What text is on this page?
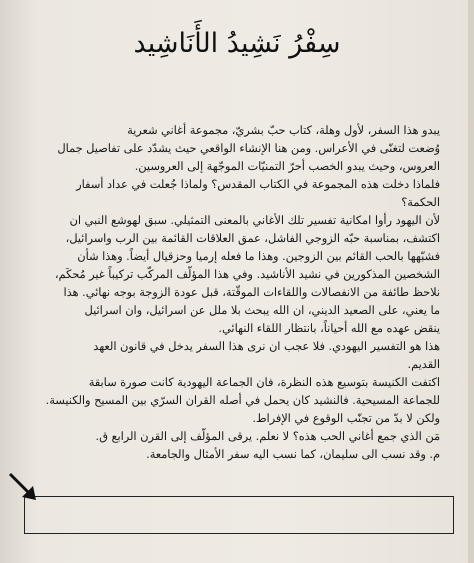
سِفْرُ نَشِيدُ الأَنَاشِيد

يبدو هذا السفر، لأول وهلة، كتاب حبّ بشريّ، مجموعة أغاني شعرية
وُضعت لتغنّى في الأعراس. ومن هنا الإنشاء الواقعي حيث يشدّد على تفاصيل جمال
العروس، وحيث يبدو الخصب أحرّ التمنيّات الموجّهة إلى العروسين.

فلماذا دخلت هذه المجموعة في الكتاب المقدس؟ ولماذا جُعلت في عداد أسفار
الحكمة؟

لأن اليهود رأوا امكانية تفسير تلك الأغاني بالمعنى التمثيلي. سبق لهوشع النبي ان
اكتشف، بمناسبة حبّه الزوجي الفاشل، عمق العلاقات القائمة بين الرب واسرائيل،
فشبّهها بالحب القائم بين الزوجين. وهذا ما فعله إرميا وحزقيال أيضاً. وهذا شأن
الشخصين المذكورين في نشيد الأناشيد. وفي هذا المؤلّف المركّب تركيباً غير مُحكَم،
نلاحظ طائفة من الانفصالات واللقاءات الموقّتة، قبل عودة الزوجة بوجه نهائي. هذا
ما يعني، على الصعيد الديني، ان الله يبحث بلا ملل عن اسرائيل، وان اسرائيل
ينقض عهده مع الله أحياناً، بانتظار اللقاء النهائي.

هذا هو التفسير اليهودي. فلا عجب ان نرى هذا السفر يدخل في قانون العهد
القديم.

اكتفت الكنيسة بتوسيع هذه النظرة، فان الجماعة اليهودية كانت صورة سابقة
للجماعة المسيحية. فالنشيد كان يحمل في أصله القران السرّي بين المسيح والكنيسة.
ولكن لا بدّ من تجنّب الوقوع في الإفراط.

مَن الذي جمع أغاني الحب هذه؟ لا نعلم. يرقى المؤلّف إلى القرن الرابع ق.
م. وقد نسب الى سليمان، كما نسب اليه سفر الأمثال والجامعة.
